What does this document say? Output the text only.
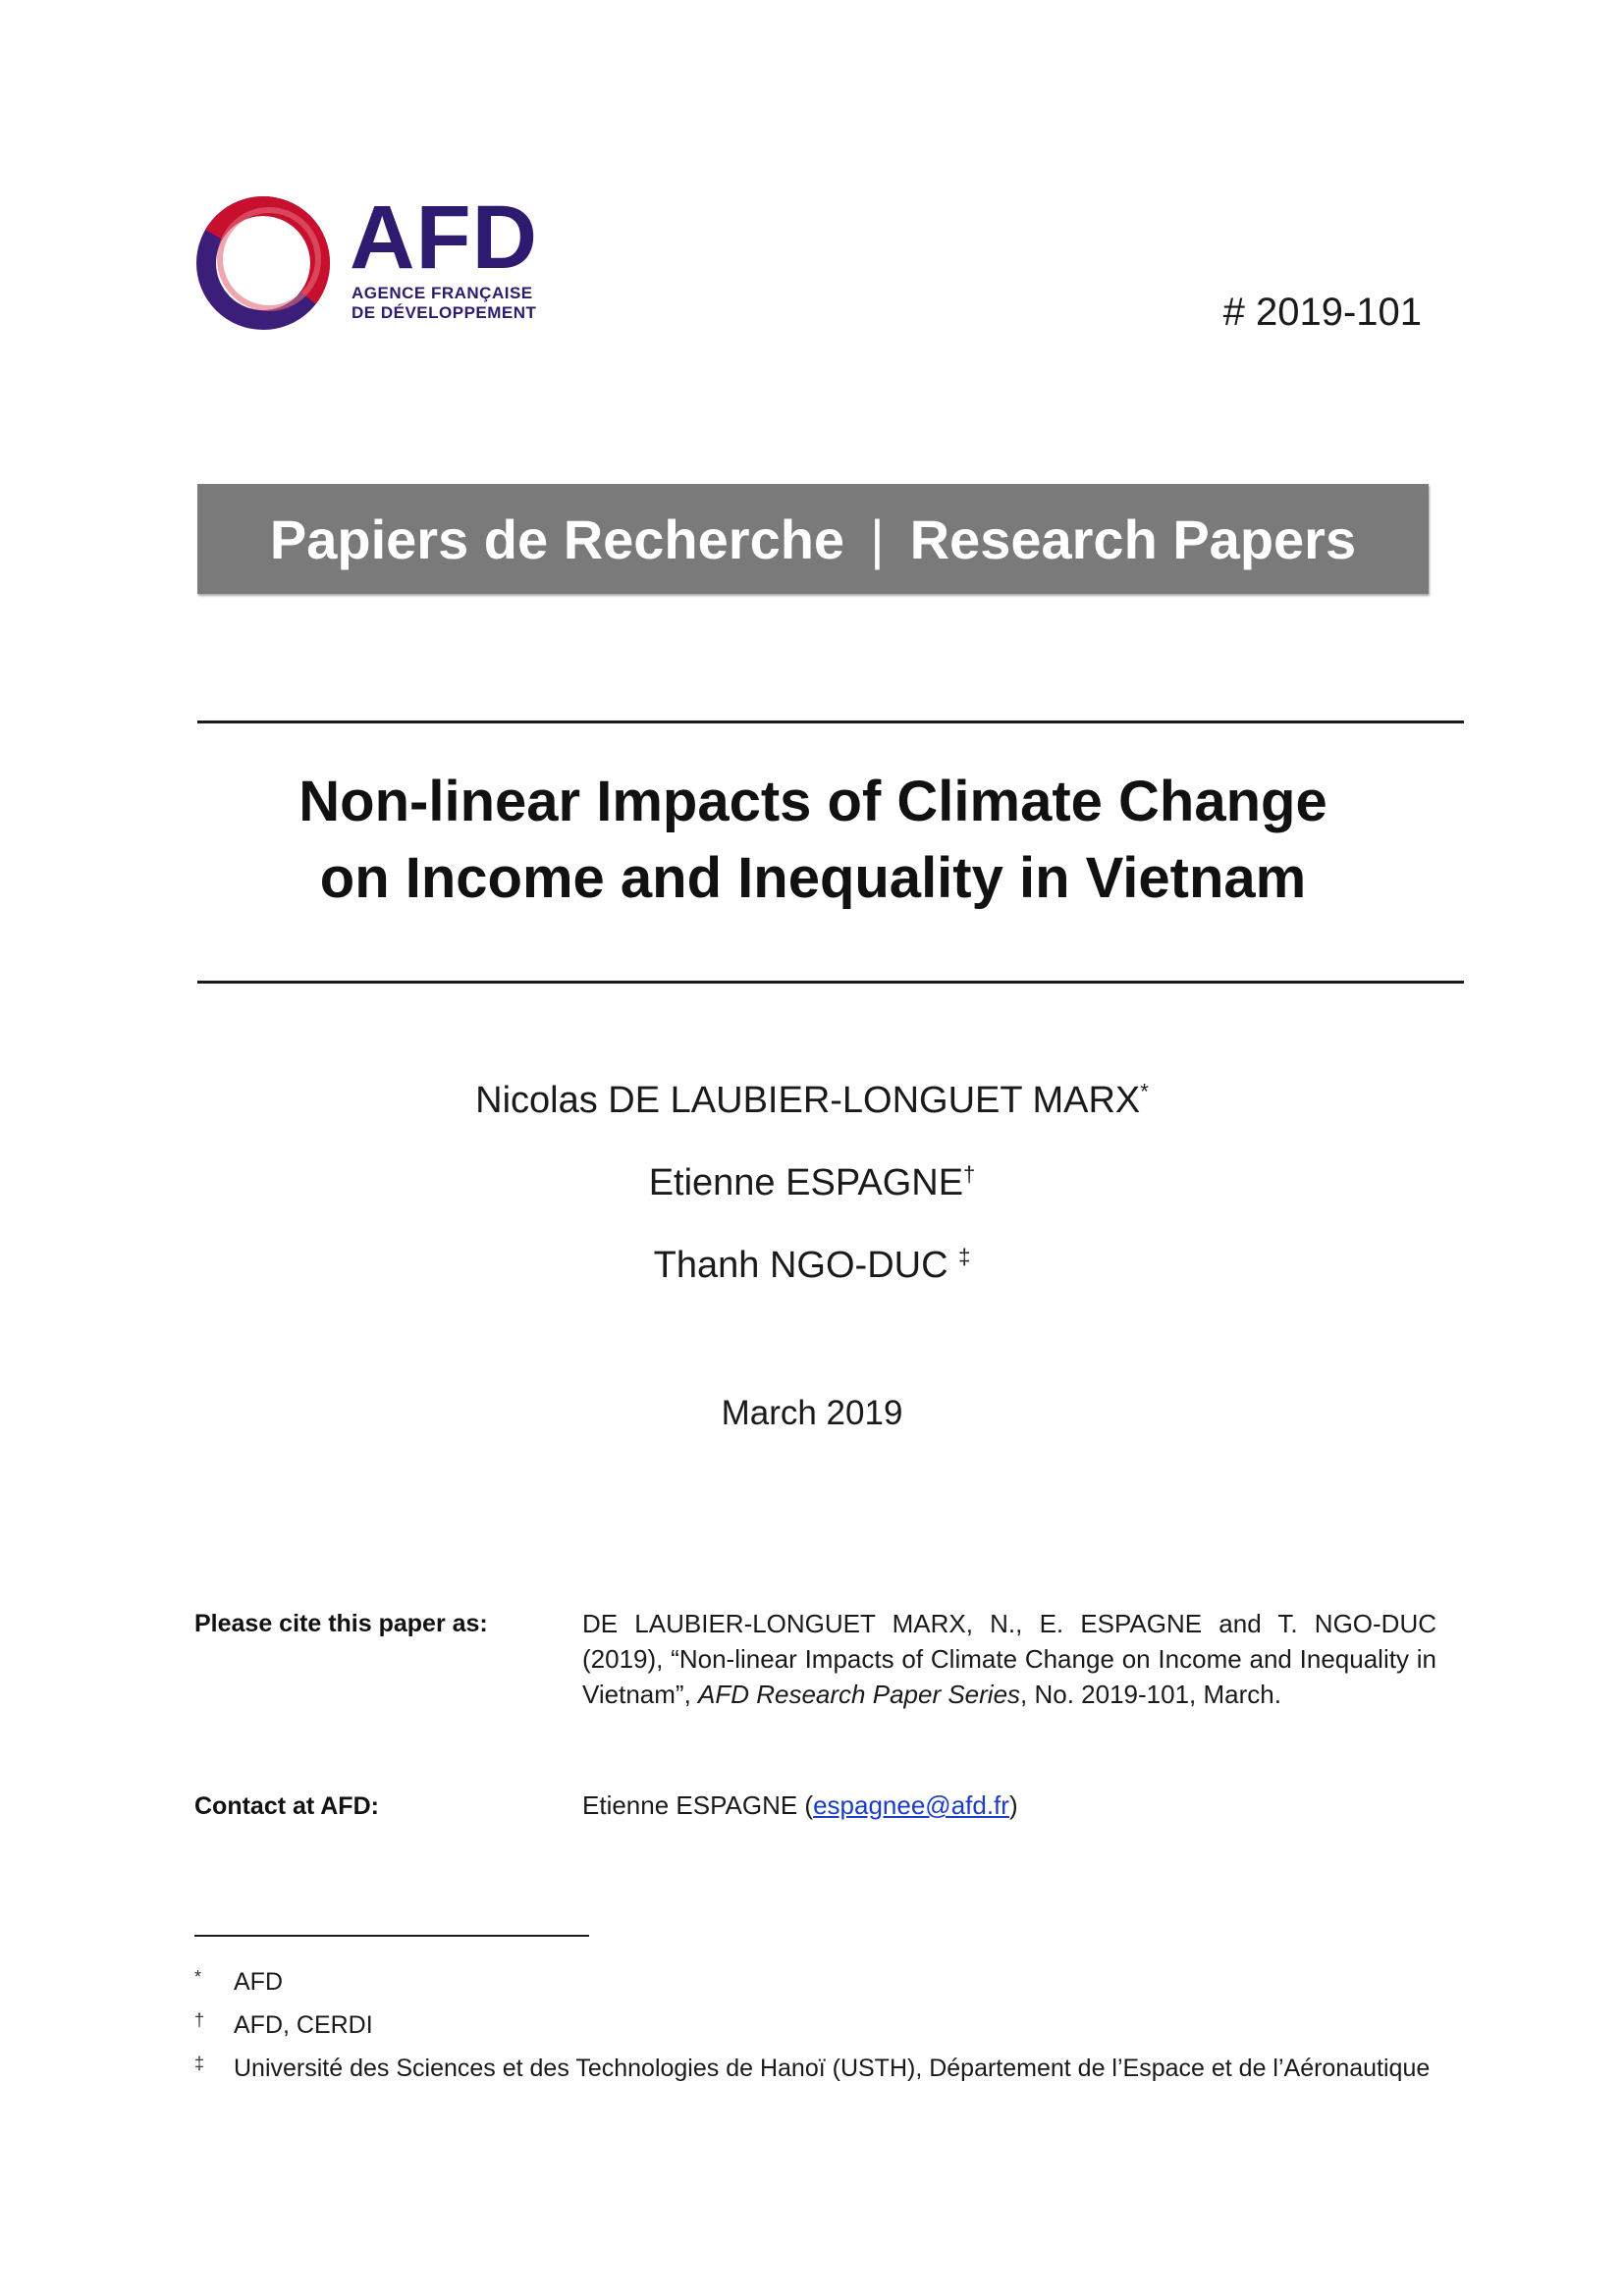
AFD
AGENCE FRANÇAISE
DE DÉVELOPPEMENT	# 2019-101
Papiers de Recherche | Research Papers
Non-linear Impacts of Climate Change
on Income and Inequality in Vietnam
Nicolas DE LAUBIER-LONGUET MARX*
Etienne ESPAGNE†
Thanh NGO-DUC ‡
March 2019
Please cite this paper as:	DE LAUBIER-LONGUET MARX, N., E. ESPAGNE and T. NGO-DUC (2019), “Non-linear Impacts of Climate Change on Income and Inequality in Vietnam”, AFD Research Paper Series, No. 2019-101, March.
Contact at AFD:	Etienne ESPAGNE (espagnee@afd.fr)
* AFD
† AFD, CERDI
‡ Université des Sciences et des Technologies de Hanoï (USTH), Département de l’Espace et de l’Aéronautique
